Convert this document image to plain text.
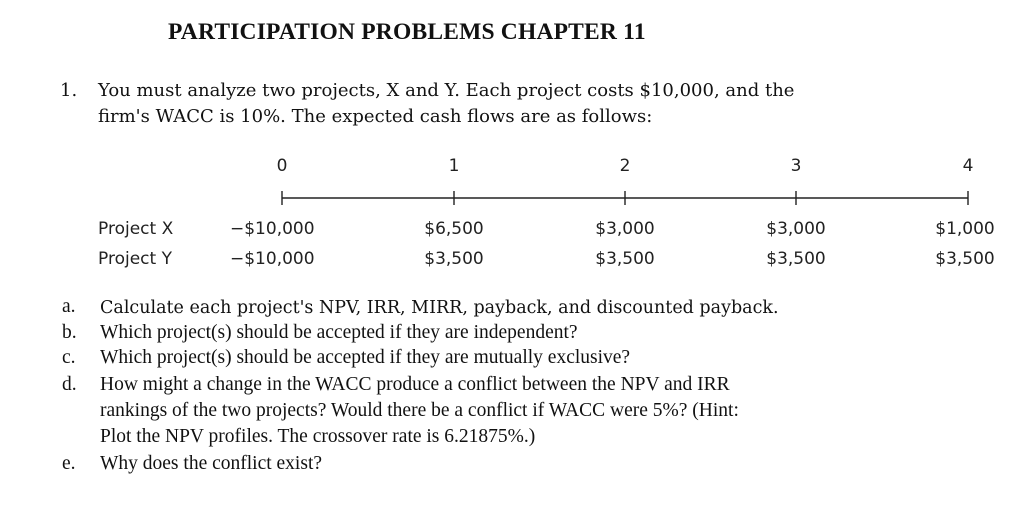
PARTICIPATION PROBLEMS CHAPTER 11
1. You must analyze two projects, X and Y. Each project costs $10,000, and the
firm's WACC is 10%. The expected cash flows are as follows:
0	1	2	3	4
Project X	−$10,000	$6,500	$3,000	$3,000	$1,000
Project Y	−$10,000	$3,500	$3,500	$3,500	$3,500
a. Calculate each project's NPV, IRR, MIRR, payback, and discounted payback.
b. Which project(s) should be accepted if they are independent?
c. Which project(s) should be accepted if they are mutually exclusive?
d. How might a change in the WACC produce a conflict between the NPV and IRR
rankings of the two projects? Would there be a conflict if WACC were 5%? (Hint:
Plot the NPV profiles. The crossover rate is 6.21875%.)
e. Why does the conflict exist?
